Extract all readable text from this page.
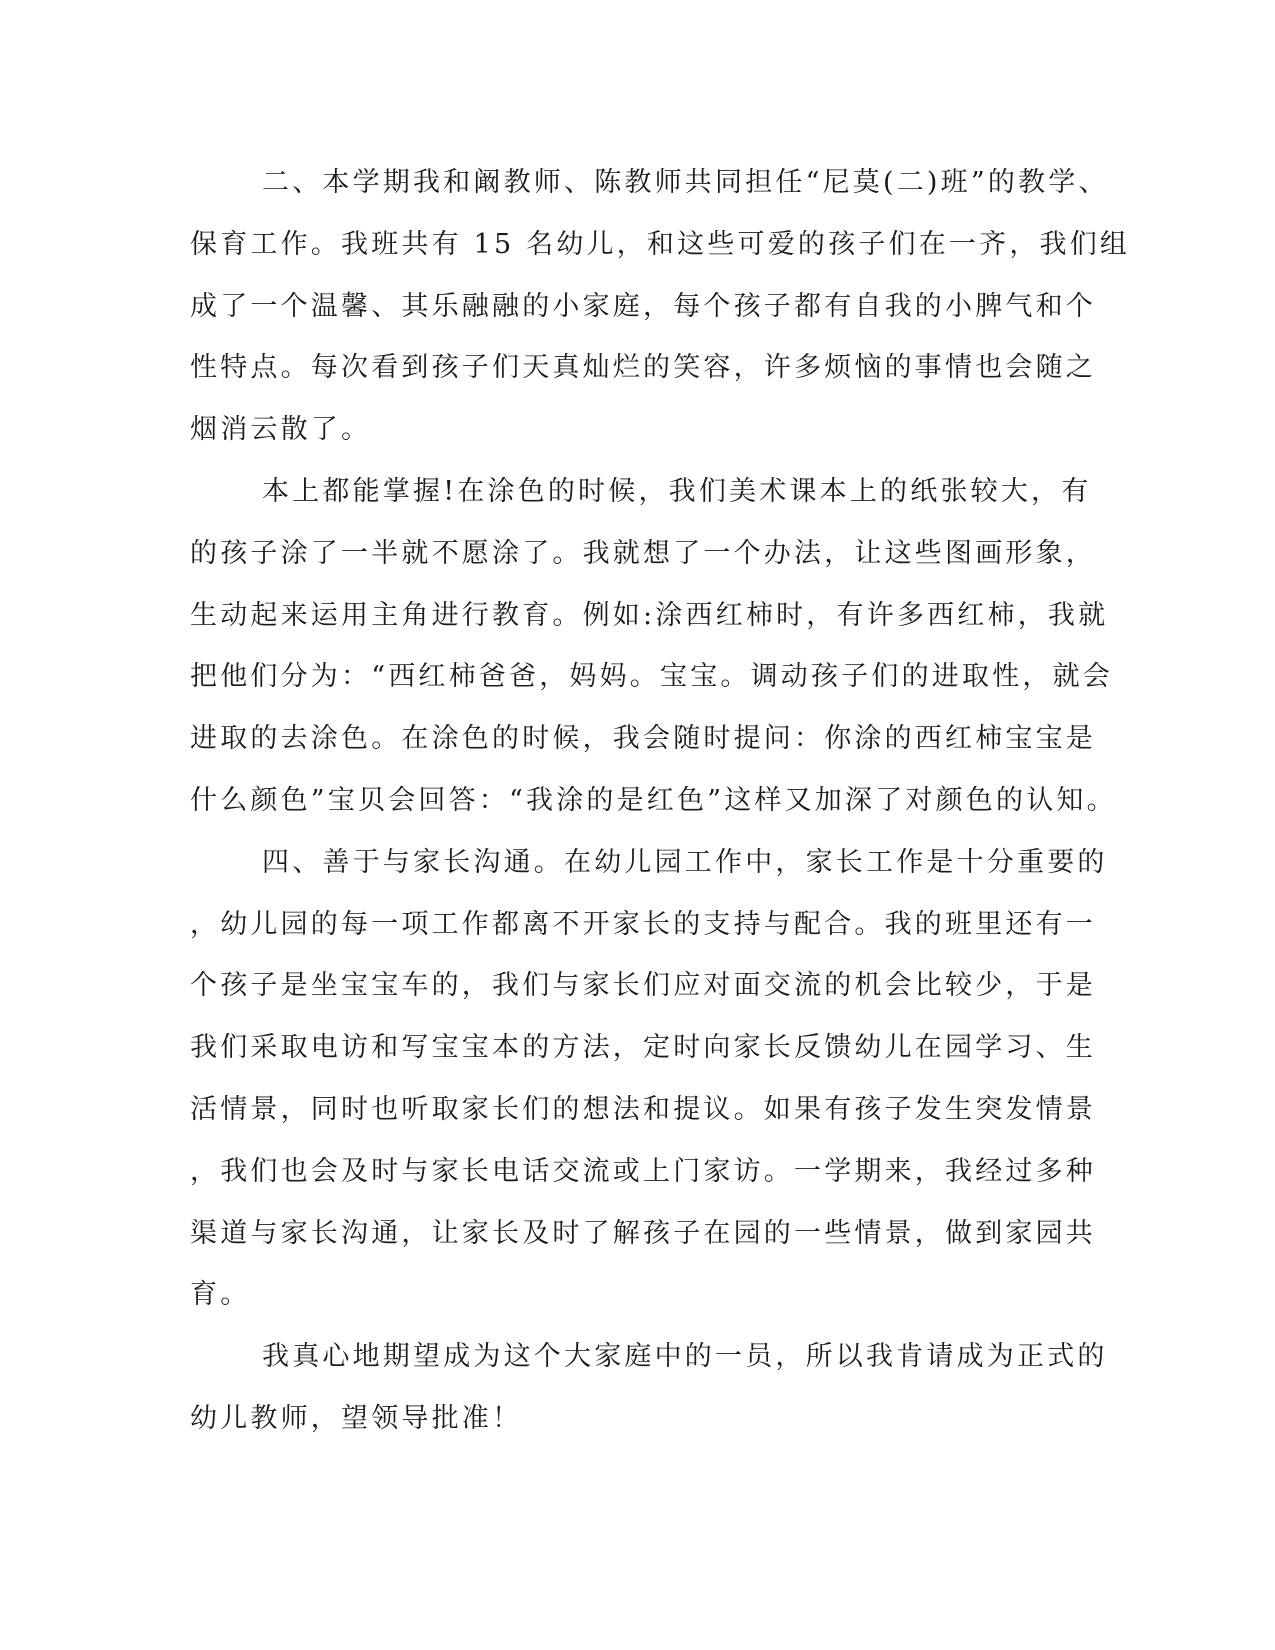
二、本学期我和阚教师、陈教师共同担任“尼莫(二)班”的教学、
保育工作。我班共有 15 名幼儿，和这些可爱的孩子们在一齐，我们组
成了一个温馨、其乐融融的小家庭，每个孩子都有自我的小脾气和个
性特点。每次看到孩子们天真灿烂的笑容，许多烦恼的事情也会随之
烟消云散了。
本上都能掌握!在涂色的时候，我们美术课本上的纸张较大，有
的孩子涂了一半就不愿涂了。我就想了一个办法，让这些图画形象，
生动起来运用主角进行教育。例如:涂西红柿时，有许多西红柿，我就
把他们分为：“西红柿爸爸，妈妈。宝宝。调动孩子们的进取性，就会
进取的去涂色。在涂色的时候，我会随时提问：你涂的西红柿宝宝是
什么颜色”宝贝会回答：“我涂的是红色”这样又加深了对颜色的认知。
四、善于与家长沟通。在幼儿园工作中，家长工作是十分重要的
，幼儿园的每一项工作都离不开家长的支持与配合。我的班里还有一
个孩子是坐宝宝车的，我们与家长们应对面交流的机会比较少，于是
我们采取电访和写宝宝本的方法，定时向家长反馈幼儿在园学习、生
活情景，同时也听取家长们的想法和提议。如果有孩子发生突发情景
，我们也会及时与家长电话交流或上门家访。一学期来，我经过多种
渠道与家长沟通，让家长及时了解孩子在园的一些情景，做到家园共
育。
我真心地期望成为这个大家庭中的一员，所以我肯请成为正式的
幼儿教师，望领导批准！
